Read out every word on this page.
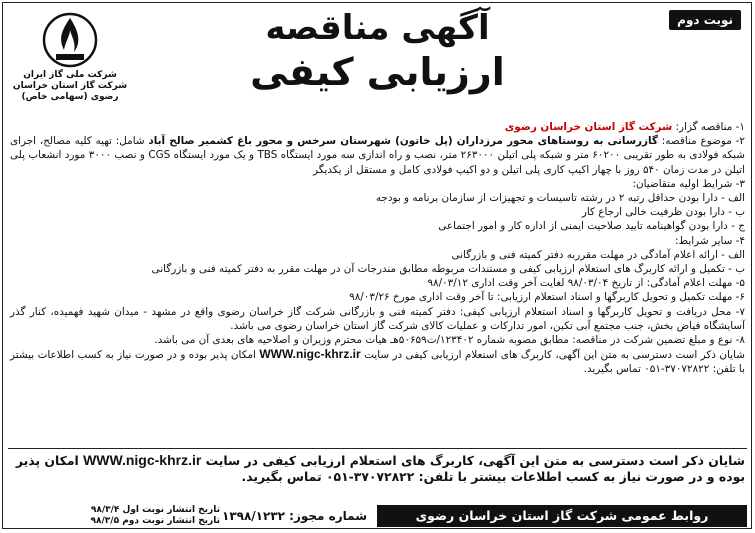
نوبت دوم
آگهی مناقصه
ارزیابی کیفی
شرکت ملی گاز ایران
شرکت گاز استان خراسان
رضوی (سهامی خاص)

۱- مناقصه گزار: شرکت گاز استان خراسان رضوی

۲- موضوع مناقصه: گازرسانی به روستاهای محور مرزداران (پل خاتون) شهرستان سرخس و محور باغ کشمیر صالح آباد شامل: تهیه کلیه مصالح، اجرای شبکه فولادی به طور تقریبی ۶۰۲۰۰ متر و شبکه پلی اتیلن ۲۶۳۰۰۰ متر، نصب و راه اندازی سه مورد ایستگاه TBS و یک مورد ایستگاه CGS و نصب ۳۰۰۰ مورد انشعاب پلی اتیلن در مدت زمان ۵۴۰ روز با چهار اکیپ کاری پلی اتیلن و دو اکیپ فولادی کامل و مستقل از یکدیگر

۳- شرایط اولیه متقاضیان:

الف - دارا بودن حداقل رتبه ۲ در رشته تاسیسات و تجهیزات از سازمان برنامه و بودجه

ب - دارا بودن ظرفیت خالی ارجاع کار

ج - دارا بودن گواهینامه تایید صلاحیت ایمنی از اداره کار و امور اجتماعی

۴- سایر شرایط:

الف - ارائه اعلام آمادگی در مهلت مقرربه دفتر کمیته فنی و بازرگانی

ب - تکمیل و ارائه کاربرگ های استعلام ارزیابی کیفی و مستندات مربوطه مطابق مندرجات آن در مهلت مقرر به دفتر کمیته فنی و بازرگانی

۵- مهلت اعلام آمادگی: از تاریخ ۹۸/۰۳/۰۴ لغایت آخر وقت اداری ۹۸/۰۳/۱۲

۶- مهلت تکمیل و تحویل کاربرگها و اسناد استعلام ارزیابی: تا آخر وقت اداری مورخ ۹۸/۰۳/۲۶

۷- محل دریافت و تحویل کاربرگها و اسناد استعلام ارزیابی کیفی: دفتر کمیته فنی و بازرگانی شرکت گاز خراسان رضوی واقع در مشهد - میدان شهید فهمیده، کنار گذر آسایشگاه فیاض بخش، جنب مجتمع آبی تکین، امور تدارکات و عملیات کالای شرکت گاز استان خراسان رضوی می باشد.

۸- نوع و مبلغ تضمین شرکت در مناقصه: مطابق مصوبه شماره ۱۲۳۴۰۲/ت۵۰۶۵۹هـ هیات محترم وزیران و اصلاحیه های بعدی آن می باشد.

شایان ذکر است دسترسی به متن این آگهی، کاربرگ های استعلام ارزیابی کیفی در سایت WWW.nigc-khrz.ir امکان پذیر بوده و در صورت نیاز به کسب اطلاعات بیشتر با تلفن: ۳۷۰۷۲۸۲۲-۰۵۱ تماس بگیرید.

شایان ذکر است دسترسی به متن این آگهی، کاربرگ های استعلام ارزیابی کیفی در سایت WWW.nigc-khrz.ir امکان پذیر بوده و در صورت نیاز به کسب اطلاعات بیشتر با تلفن: ۳۷۰۷۲۸۲۲-۰۵۱ تماس بگیرید.
روابط عمومی شرکت گاز استان خراسان رضوی
شماره مجوز: ۱۳۹۸/۱۲۳۲
تاریخ انتشار نوبت اول ۹۸/۳/۴
تاریخ انتشار نوبت دوم ۹۸/۳/۵
